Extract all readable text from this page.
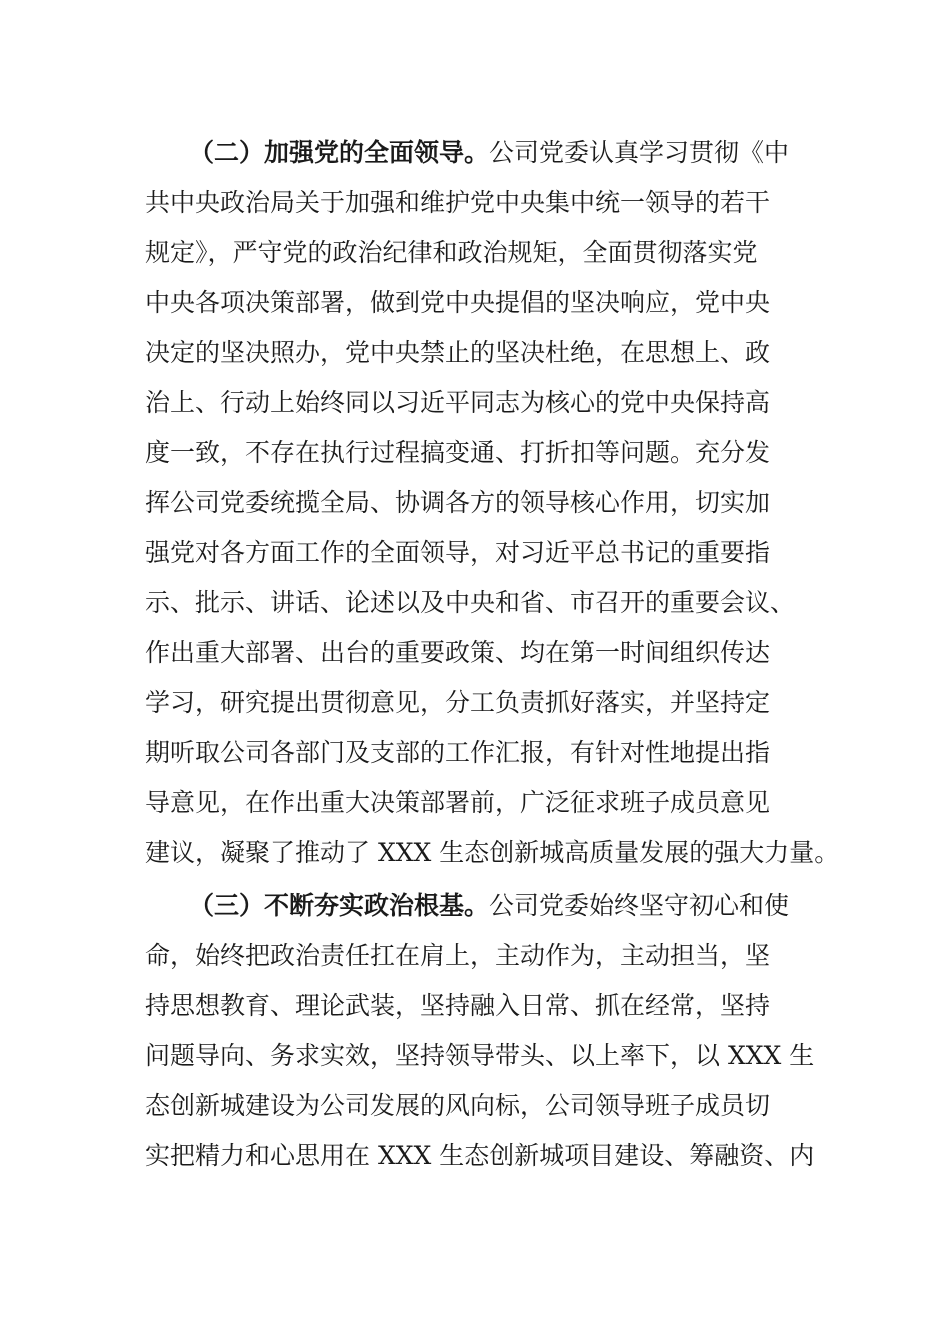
（二）加强党的全面领导。公司党委认真学习贯彻《中
共中央政治局关于加强和维护党中央集中统一领导的若干
规定》，严守党的政治纪律和政治规矩，全面贯彻落实党
中央各项决策部署，做到党中央提倡的坚决响应，党中央
决定的坚决照办，党中央禁止的坚决杜绝，在思想上、政
治上、行动上始终同以习近平同志为核心的党中央保持高
度一致，不存在执行过程搞变通、打折扣等问题。充分发
挥公司党委统揽全局、协调各方的领导核心作用，切实加
强党对各方面工作的全面领导，对习近平总书记的重要指
示、批示、讲话、论述以及中央和省、市召开的重要会议、
作出重大部署、出台的重要政策、均在第一时间组织传达
学习，研究提出贯彻意见，分工负责抓好落实，并坚持定
期听取公司各部门及支部的工作汇报，有针对性地提出指
导意见，在作出重大决策部署前，广泛征求班子成员意见
建议，凝聚了推动了 XXX 生态创新城高质量发展的强大力量。
（三）不断夯实政治根基。公司党委始终坚守初心和使
命，始终把政治责任扛在肩上，主动作为，主动担当，坚
持思想教育、理论武装，坚持融入日常、抓在经常，坚持
问题导向、务求实效，坚持领导带头、以上率下，以 XXX 生
态创新城建设为公司发展的风向标，公司领导班子成员切
实把精力和心思用在 XXX 生态创新城项目建设、筹融资、内
